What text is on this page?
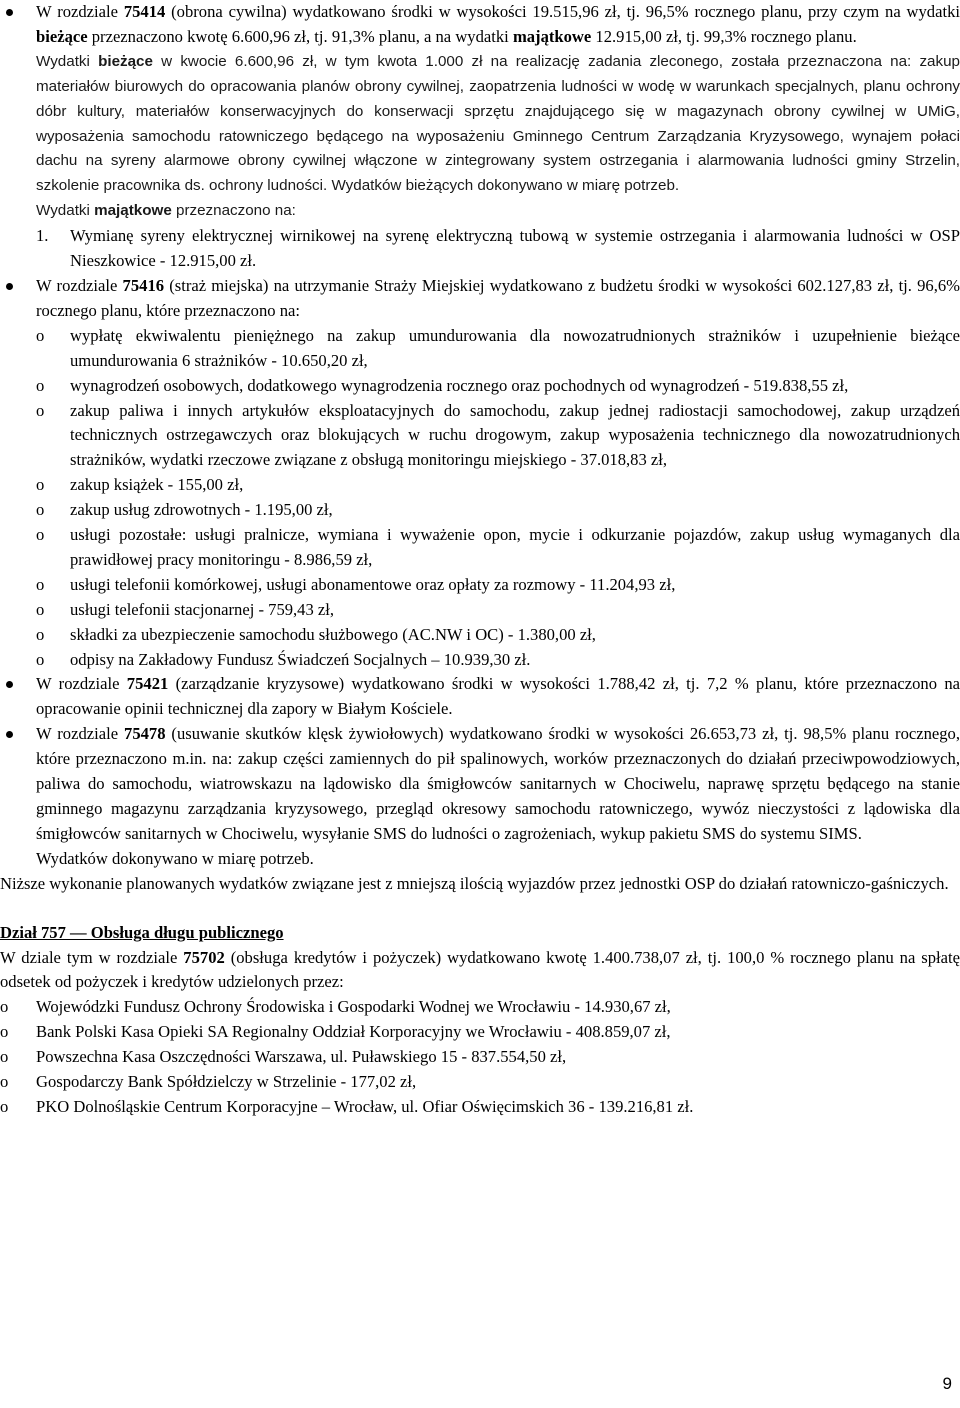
W rozdziale 75414 (obrona cywilna) wydatkowano środki w wysokości 19.515,96 zł, tj. 96,5% rocznego planu, przy czym na wydatki bieżące przeznaczono kwotę 6.600,96 zł, tj. 91,3% planu, a na wydatki majątkowe 12.915,00 zł, tj. 99,3% rocznego planu.

Wydatki bieżące w kwocie 6.600,96 zł, w tym kwota 1.000 zł na realizację zadania zleconego, została przeznaczona na: zakup materiałów biurowych do opracowania planów obrony cywilnej, zaopatrzenia ludności w wodę w warunkach specjalnych, planu ochrony dóbr kultury, materiałów konserwacyjnych do konserwacji sprzętu znajdującego się w magazynach obrony cywilnej w UMiG, wyposażenia samochodu ratowniczego będącego na wyposażeniu Gminnego Centrum Zarządzania Kryzysowego, wynajem połaci dachu na syreny alarmowe obrony cywilnej włączone w zintegrowany system ostrzegania i alarmowania ludności gminy Strzelin, szkolenie pracownika ds. ochrony ludności. Wydatków bieżących dokonywano w miarę potrzeb.

Wydatki majątkowe przeznaczono na:

1. Wymianę syreny elektrycznej wirnikowej na syrenę elektryczną tubową w systemie ostrzegania i alarmowania ludności w OSP Nieszkowice - 12.915,00 zł.

W rozdziale 75416 (straż miejska) na utrzymanie Straży Miejskiej wydatkowano z budżetu środki w wysokości 602.127,83 zł, tj. 96,6% rocznego planu, które przeznaczono na:

o wypłatę ekwiwalentu pieniężnego na zakup umundurowania dla nowozatrudnionych strażników i uzupełnienie bieżące umundurowania 6 strażników - 10.650,20 zł,

o wynagrodzeń osobowych, dodatkowego wynagrodzenia rocznego oraz pochodnych od wynagrodzeń - 519.838,55 zł,

o zakup paliwa i innych artykułów eksploatacyjnych do samochodu, zakup jednej radiostacji samochodowej, zakup urządzeń technicznych ostrzegawczych oraz blokujących w ruchu drogowym, zakup wyposażenia technicznego dla nowozatrudnionych strażników, wydatki rzeczowe związane z obsługą monitoringu miejskiego - 37.018,83 zł,

o zakup książek - 155,00 zł,

o zakup usług zdrowotnych - 1.195,00 zł,

o usługi pozostałe: usługi pralnicze, wymiana i wyważenie opon, mycie i odkurzanie pojazdów, zakup usług wymaganych dla prawidłowej pracy monitoringu - 8.986,59 zł,

o usługi telefonii komórkowej, usługi abonamentowe oraz opłaty za rozmowy - 11.204,93 zł,

o usługi telefonii stacjonarnej - 759,43 zł,

o składki za ubezpieczenie samochodu służbowego (AC.NW i OC) - 1.380,00 zł,

o odpisy na Zakładowy Fundusz Świadczeń Socjalnych – 10.939,30 zł.

W rozdziale 75421 (zarządzanie kryzysowe) wydatkowano środki w wysokości 1.788,42 zł, tj. 7,2 % planu, które przeznaczono na opracowanie opinii technicznej dla zapory w Białym Kościele.

W rozdziale 75478 (usuwanie skutków klęsk żywiołowych) wydatkowano środki w wysokości 26.653,73 zł, tj. 98,5% planu rocznego, które przeznaczono m.in. na: zakup części zamiennych do pił spalinowych, worków przeznaczonych do działań przeciwpowodziowych, paliwa do samochodu, wiatrowskazu na lądowisko dla śmigłowców sanitarnych w Chociwelu, naprawę sprzętu będącego na stanie gminnego magazynu zarządzania kryzysowego, przegląd okresowy samochodu ratowniczego, wywóz nieczystości z lądowiska dla śmigłowców sanitarnych w Chociwelu, wysyłanie SMS do ludności o zagrożeniach, wykup pakietu SMS do systemu SIMS.

Wydatków dokonywano w miarę potrzeb.

Niższe wykonanie planowanych wydatków związane jest z mniejszą ilością wyjazdów przez jednostki OSP do działań ratowniczo-gaśniczych.

Dział 757 — Obsługa długu publicznego

W dziale tym w rozdziale 75702 (obsługa kredytów i pożyczek) wydatkowano kwotę 1.400.738,07 zł, tj. 100,0 % rocznego planu na spłatę odsetek od pożyczek i kredytów udzielonych przez:

o Wojewódzki Fundusz Ochrony Środowiska i Gospodarki Wodnej we Wrocławiu - 14.930,67 zł,

o Bank Polski Kasa Opieki SA Regionalny Oddział Korporacyjny we Wrocławiu - 408.859,07 zł,

o Powszechna Kasa Oszczędności Warszawa, ul. Puławskiego 15 - 837.554,50 zł,

o Gospodarczy Bank Spółdzielczy w Strzelinie - 177,02 zł,

o PKO Dolnośląskie Centrum Korporacyjne – Wrocław, ul. Ofiar Oświęcimskich 36 - 139.216,81 zł.

9
